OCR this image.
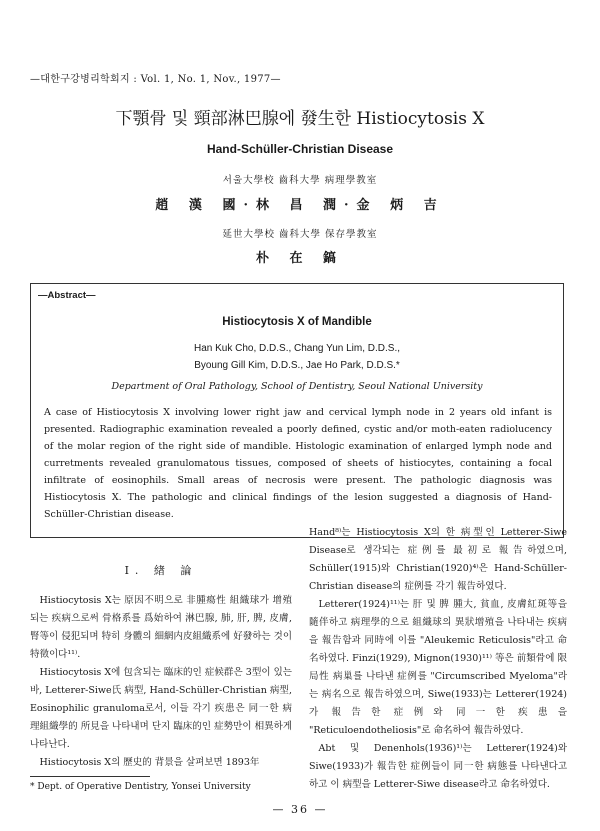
—대한구강병리학회지 : Vol. 1, No. 1, Nov., 1977—
下顎骨 및 頸部淋巴腺에 發生한 Histiocytosis X
Hand-Schüller-Christian Disease
서울大學校 齒科大學 病理學教室
趙 漢 國·林 昌 潤·金 炳 吉
延世大學校 齒科大學 保存學教室
朴 在 鎬
—Abstract—
Histiocytosis X of Mandible
Han Kuk Cho, D.D.S., Chang Yun Lim, D.D.S.,
Byoung Gill Kim, D.D.S., Jae Ho Park, D.D.S.*
Department of Oral Pathology, School of Dentistry, Seoul National University
A case of Histiocytosis X involving lower right jaw and cervical lymph node in 2 years old infant is presented. Radiographic examination revealed a poorly defined, cystic and/or moth-eaten radiolucency of the molar region of the right side of mandible. Histologic examination of enlarged lymph node and curretments revealed granulomatous tissues, composed of sheets of histiocytes, containing a focal infiltrate of eosinophils. Small areas of necrosis were present. The pathologic diagnosis was Histiocytosis X. The pathologic and clinical findings of the lesion suggested a diagnosis of Hand-Schüller-Christian disease.
I. 緖 論

Histiocytosis X는 原因不明으로 非腫瘍性 組織球가 增殖되는 疾病으로써 骨格系를 爲始하여 淋巴腺, 肺, 肝, 脾, 皮膚, 腎等이 侵犯되며 特히 身體의 細網内皮組織系에 好發하는 것이 特徵이다¹¹⁾.

Histiocytosis X에 包含되는 臨床的인 症候群은 3型이 있는 바, Letterer-Siwe氏 病型, Hand-Schüller-Christian 病型, Eosinophilic granuloma로서, 이들 각기 疾患은 同一한 病理組織學的 所見을 나타내며 단지 臨床的인 症勢만이 相異하게 나타난다.

Histiocytosis X의 歷史的 背景을 살펴보면 1893年

Hand⁸⁾는 Histiocytosis X의 한 病型인 Letterer-Siwe Disease로 생각되는 症例를 最初로 報告하였으며, Schüller(1915)와 Christian(1920)⁴⁾은 Hand-Schüller-Christian disease의 症例를 각기 報告하였다.

Letterer(1924)¹¹⁾는 肝 및 脾 腫大, 貧血, 皮膚紅斑等을 隨伴하고 病理學的으로 組織球의 異狀增殖을 나타내는 疾病을 報告함과 同時에 이를 "Aleukemic Reticulosis"라고 命名하였다. Finzi(1929), Mignon(1930)¹¹⁾ 等은 前類骨에 限局性 病巢를 나타낸 症例를 "Circumscribed Myeloma"라는 病名으로 報告하였으며, Siwe(1933)는 Letterer(1924)가 報告한 症例와 同一한 疾患을 "Reticuloendotheliosis"로 命名하여 報告하였다.

Abt 및 Denenhols(1936)¹⁾는 Letterer(1924)와 Siwe(1933)가 報告한 症例들이 同一한 病態를 나타낸다고 하고 이 病型을 Letterer-Siwe disease라고 命名하였다.

* Dept. of Operative Dentistry, Yonsei University
— 36 —
